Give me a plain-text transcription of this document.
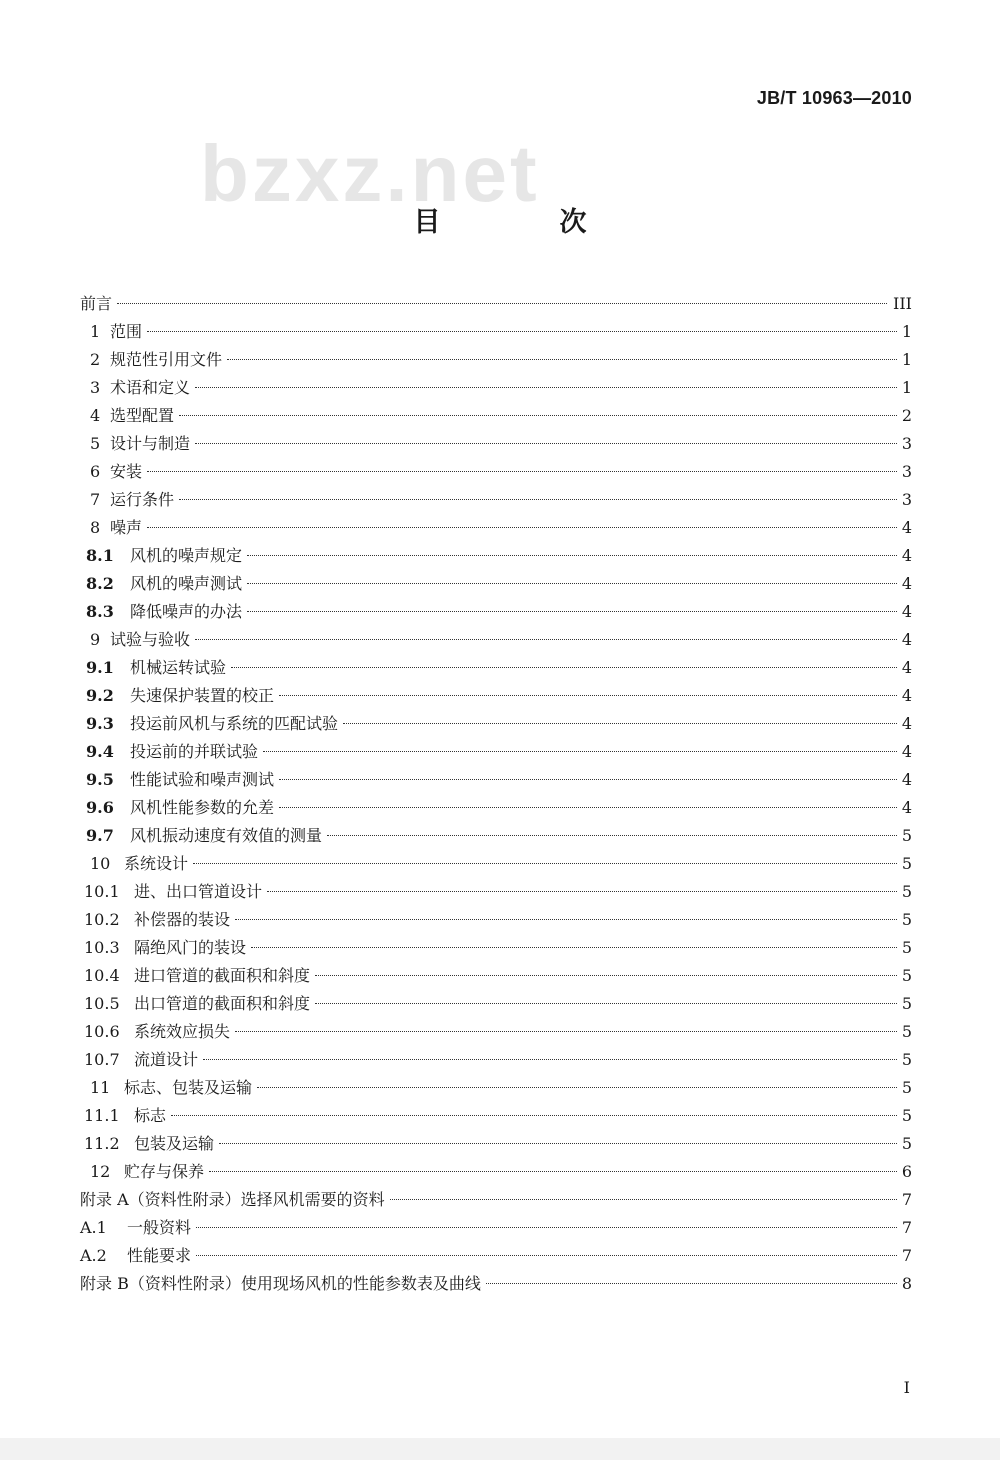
JB/T 10963—2010
bzxz.net
目　次
前言	III
1 范围	1
2 规范性引用文件	1
3 术语和定义	1
4 选型配置	2
5 设计与制造	3
6 安装	3
7 运行条件	3
8 噪声	4
8.1	风机的噪声规定	4
8.2	风机的噪声测试	4
8.3	降低噪声的办法	4
9 试验与验收	4
9.1	机械运转试验	4
9.2	失速保护装置的校正	4
9.3	投运前风机与系统的匹配试验	4
9.4	投运前的并联试验	4
9.5	性能试验和噪声测试	4
9.6	风机性能参数的允差	4
9.7	风机振动速度有效值的测量	5
10 系统设计	5
10.1 进、出口管道设计	5
10.2 补偿器的装设	5
10.3 隔绝风门的装设	5
10.4 进口管道的截面积和斜度	5
10.5 出口管道的截面积和斜度	5
10.6 系统效应损失	5
10.7 流道设计	5
11 标志、包装及运输	5
11.1 标志	5
11.2 包装及运输	5
12 贮存与保养	6
附录 A（资料性附录）选择风机需要的资料	7
A.1	一般资料	7
A.2	性能要求	7
附录 B（资料性附录）使用现场风机的性能参数表及曲线	8
I
